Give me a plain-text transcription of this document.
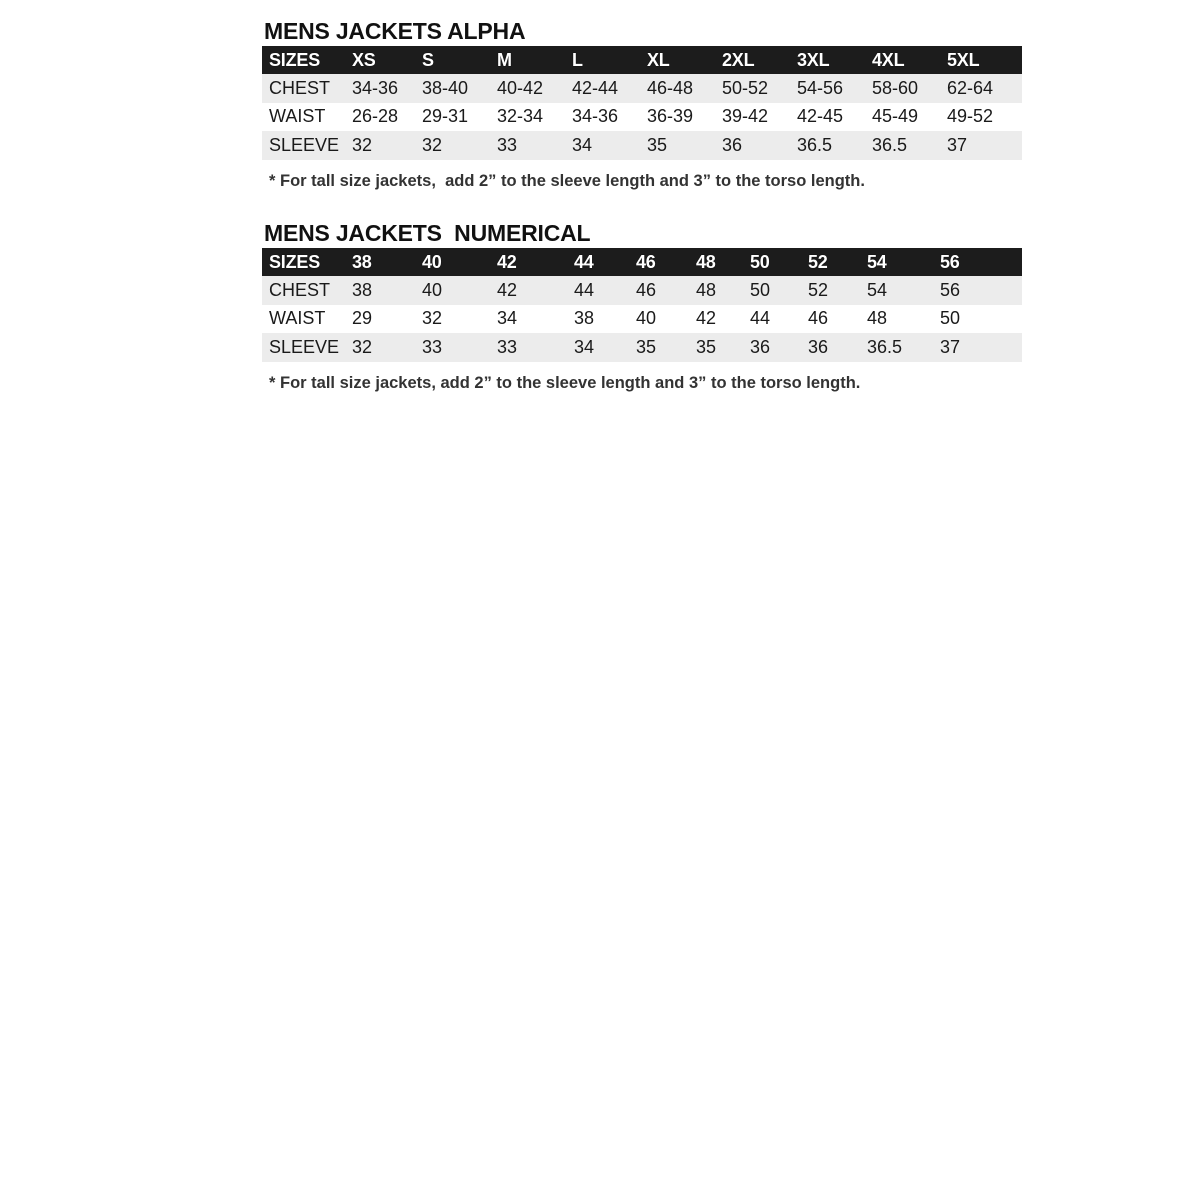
MENS JACKETS ALPHA
SIZES XS	S	M	L	XL	2XL 3XL 4XL 5XL
CHEST 34-36 38-40 40-42 42-44 46-48 50-52 54-56 58-60 62-64
WAIST 26-28 29-31 32-34 34-36 36-39 39-42 42-45 45-49 49-52
SLEEVE 32	32	33	34	35	36	36.5 36.5 37
* For tall size jackets,  add 2” to the sleeve length and 3” to the torso length.
MENS JACKETS  NUMERICAL
SIZES 38	40	42	44 46 48 50 52 54	56
CHEST 38	40	42	44 46 48 50 52 54	56
WAIST 29	32	34	38 40 42 44 46 48	50
SLEEVE 32	33	33	34 35 35 36 36 36.5 37
* For tall size jackets, add 2” to the sleeve length and 3” to the torso length.
